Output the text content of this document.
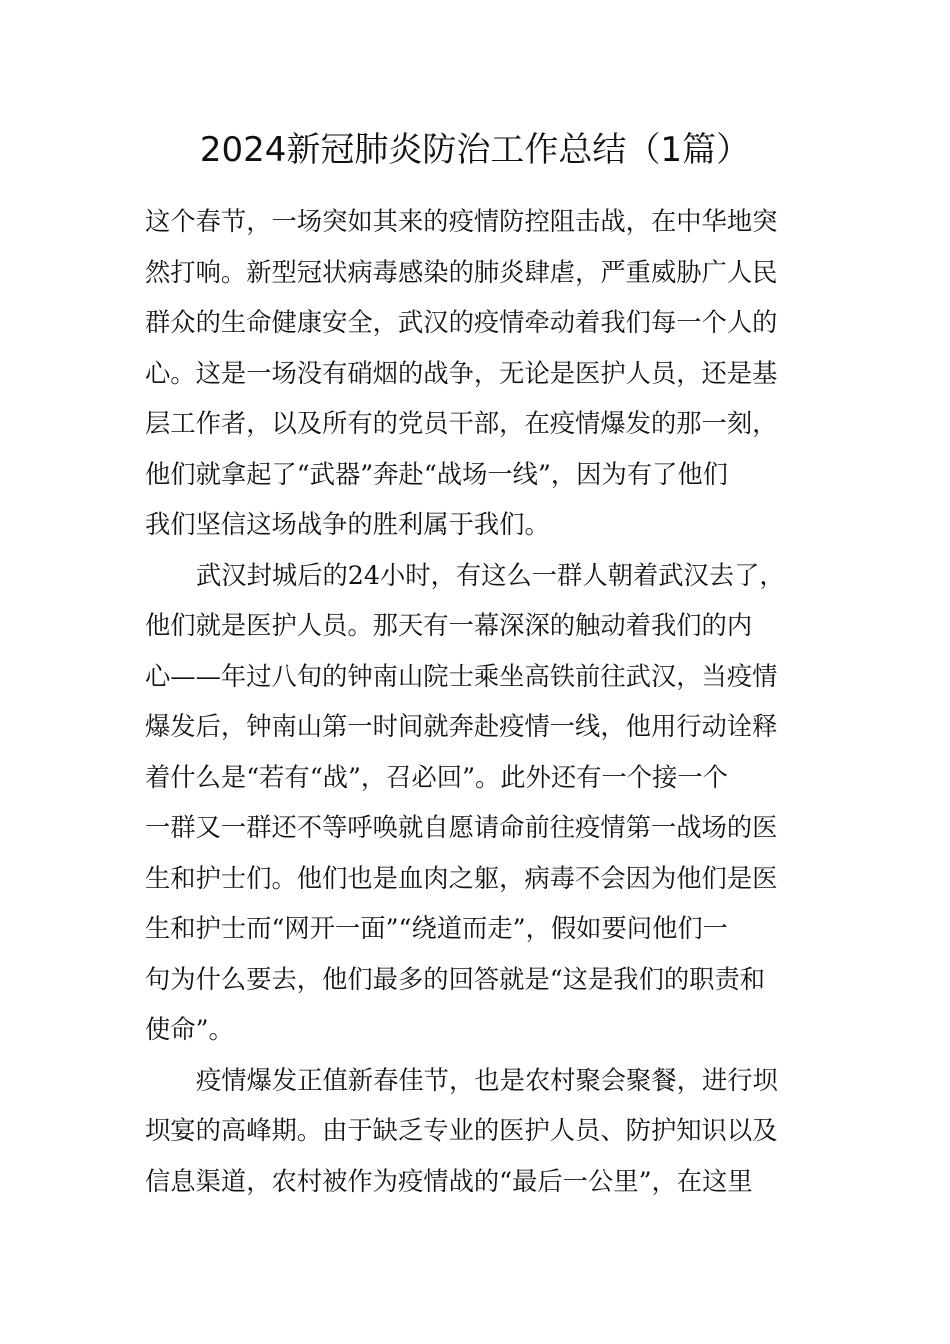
2024新冠肺炎防治工作总结（1篇）
这个春节，一场突如其来的疫情防控阻击战，在中华地突
然打响。新型冠状病毒感染的肺炎肆虐，严重威胁广人民
群众的生命健康安全，武汉的疫情牵动着我们每一个人的
心。这是一场没有硝烟的战争，无论是医护人员，还是基
层工作者，以及所有的党员干部，在疫情爆发的那一刻，
他们就拿起了“武器”奔赴“战场一线”，因为有了他们
我们坚信这场战争的胜利属于我们。
武汉封城后的24小时，有这么一群人朝着武汉去了，
他们就是医护人员。那天有一幕深深的触动着我们的内
心——年过八旬的钟南山院士乘坐高铁前往武汉，当疫情
爆发后，钟南山第一时间就奔赴疫情一线，他用行动诠释
着什么是“若有“战”，召必回”。此外还有一个接一个
一群又一群还不等呼唤就自愿请命前往疫情第一战场的医
生和护士们。他们也是血肉之躯，病毒不会因为他们是医
生和护士而“网开一面”“绕道而走”，假如要问他们一
句为什么要去，他们最多的回答就是“这是我们的职责和
使命”。
疫情爆发正值新春佳节，也是农村聚会聚餐，进行坝
坝宴的高峰期。由于缺乏专业的医护人员、防护知识以及
信息渠道，农村被作为疫情战的“最后一公里”，在这里
